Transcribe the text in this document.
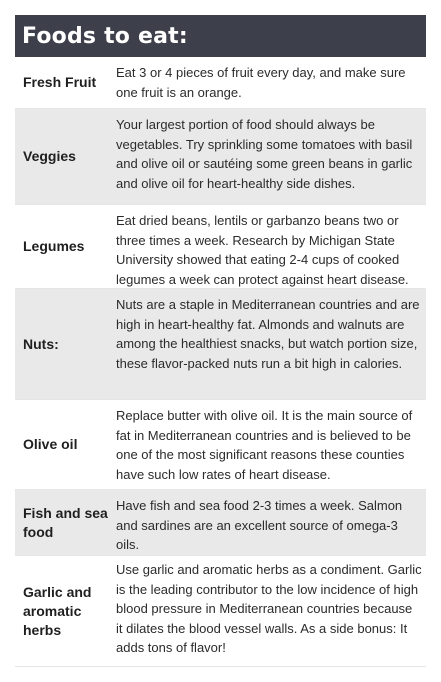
Foods to eat:
Fresh Fruit
Eat 3 or 4 pieces of fruit every day, and make sure one fruit is an orange.
Veggies
Your largest portion of food should always be vegetables. Try sprinkling some tomatoes with basil and olive oil or sautéing some green beans in garlic and olive oil for heart-healthy side dishes.
Legumes
Eat dried beans, lentils or garbanzo beans two or three times a week. Research by Michigan State University showed that eating 2-4 cups of cooked legumes a week can protect against heart disease.
Nuts:
Nuts are a staple in Mediterranean countries and are high in heart-healthy fat. Almonds and walnuts are among the healthiest snacks, but watch portion size, these flavor-packed nuts run a bit high in calories.
Olive oil
Replace butter with olive oil. It is the main source of fat in Mediterranean countries and is believed to be one of the most significant reasons these counties have such low rates of heart disease.
Fish and sea food
Have fish and sea food 2-3 times a week. Salmon and sardines are an excellent source of omega-3 oils.
Garlic and aromatic herbs
Use garlic and aromatic herbs as a condiment. Garlic is the leading contributor to the low incidence of high blood pressure in Mediterranean countries because it dilates the blood vessel walls. As a side bonus: It adds tons of flavor!
